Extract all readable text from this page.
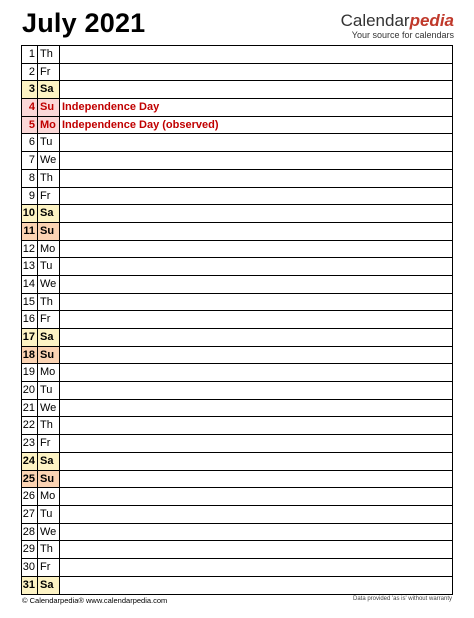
July 2021	Calendarpedia
Your source for calendars
1 Th
2 Fr
3 Sa
4 Su Independence Day
5 Mo Independence Day (observed)
6 Tu
7 We
8 Th
9 Fr
10 Sa
11 Su
12 Mo
13 Tu
14 We
15 Th
16 Fr
17 Sa
18 Su
19 Mo
20 Tu
21 We
22 Th
23 Fr
24 Sa
25 Su
26 Mo
27 Tu
28 We
29 Th
30 Fr
31 Sa
© Calendarpedia® www.calendarpedia.com	Data provided 'as is' without warranty
